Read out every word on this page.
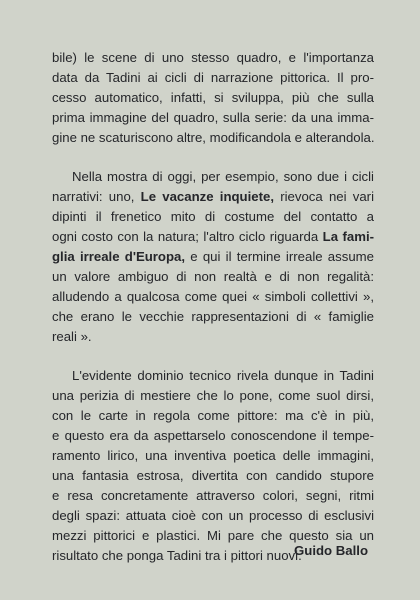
bile) le scene di uno stesso quadro, e l'importanza
data da Tadini ai cicli di narrazione pittorica. Il pro-
cesso automatico, infatti, si sviluppa, più che sulla
prima immagine del quadro, sulla serie: da una imma-
gine ne scaturiscono altre, modificandola e alterandola.
Nella mostra di oggi, per esempio, sono due i cicli
narrativi: uno, Le vacanze inquiete, rievoca nei vari
dipinti il frenetico mito di costume del contatto a
ogni costo con la natura; l'altro ciclo riguarda La fami-
glia irreale d'Europa, e qui il termine irreale assume
un valore ambiguo di non realtà e di non regalità:
alludendo a qualcosa come quei « simboli collettivi »,
che erano le vecchie rappresentazioni di « famiglie
reali ».
L'evidente dominio tecnico rivela dunque in Tadini
una perizia di mestiere che lo pone, come suol dirsi,
con le carte in regola come pittore: ma c'è in più,
e questo era da aspettarselo conoscendone il tempe-
ramento lirico, una inventiva poetica delle immagini,
una fantasia estrosa, divertita con candido stupore
e resa concretamente attraverso colori, segni, ritmi
degli spazi: attuata cioè con un processo di esclusivi
mezzi pittorici e plastici. Mi pare che questo sia un
risultato che ponga Tadini tra i pittori nuovi.
Guido Ballo
